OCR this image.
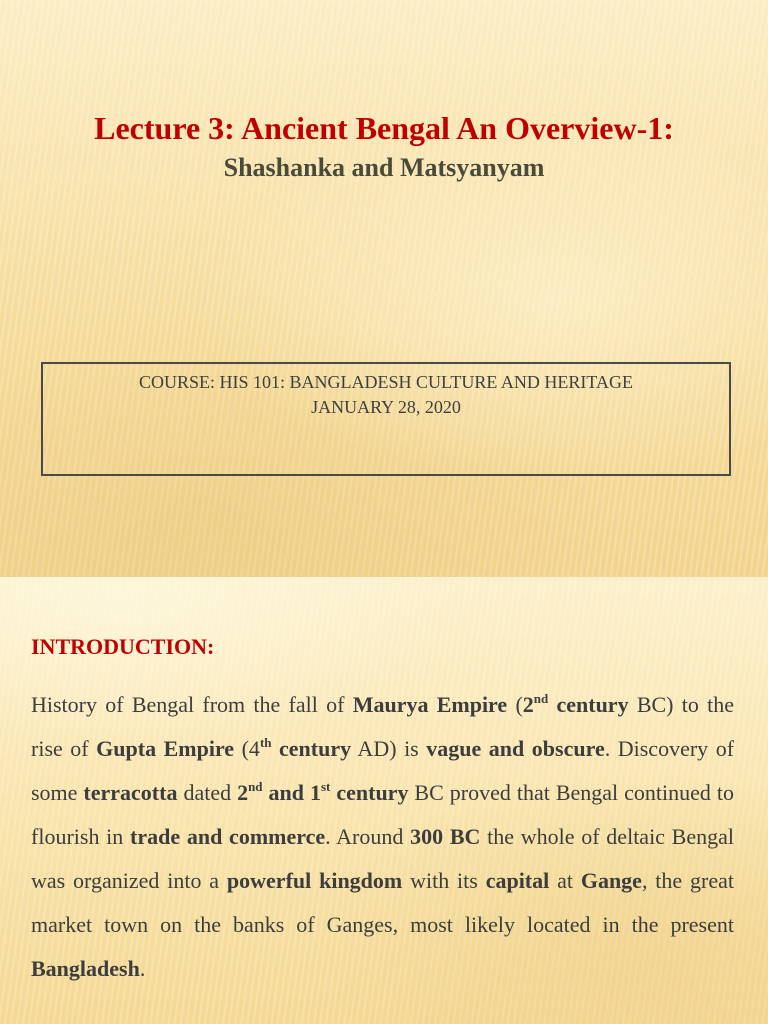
Lecture 3: Ancient Bengal An Overview-1:
Shashanka and Matsyanyam
COURSE: HIS 101: BANGLADESH CULTURE AND HERITAGE
JANUARY 28, 2020
INTRODUCTION:

History of Bengal from the fall of Maurya Empire (2nd century BC) to the rise of Gupta Empire (4th century AD) is vague and obscure. Discovery of some terracotta dated 2nd and 1st century BC proved that Bengal continued to flourish in trade and commerce. Around 300 BC the whole of deltaic Bengal was organized into a powerful kingdom with its capital at Gange, the great market town on the banks of Ganges, most likely located in the present Bangladesh.
